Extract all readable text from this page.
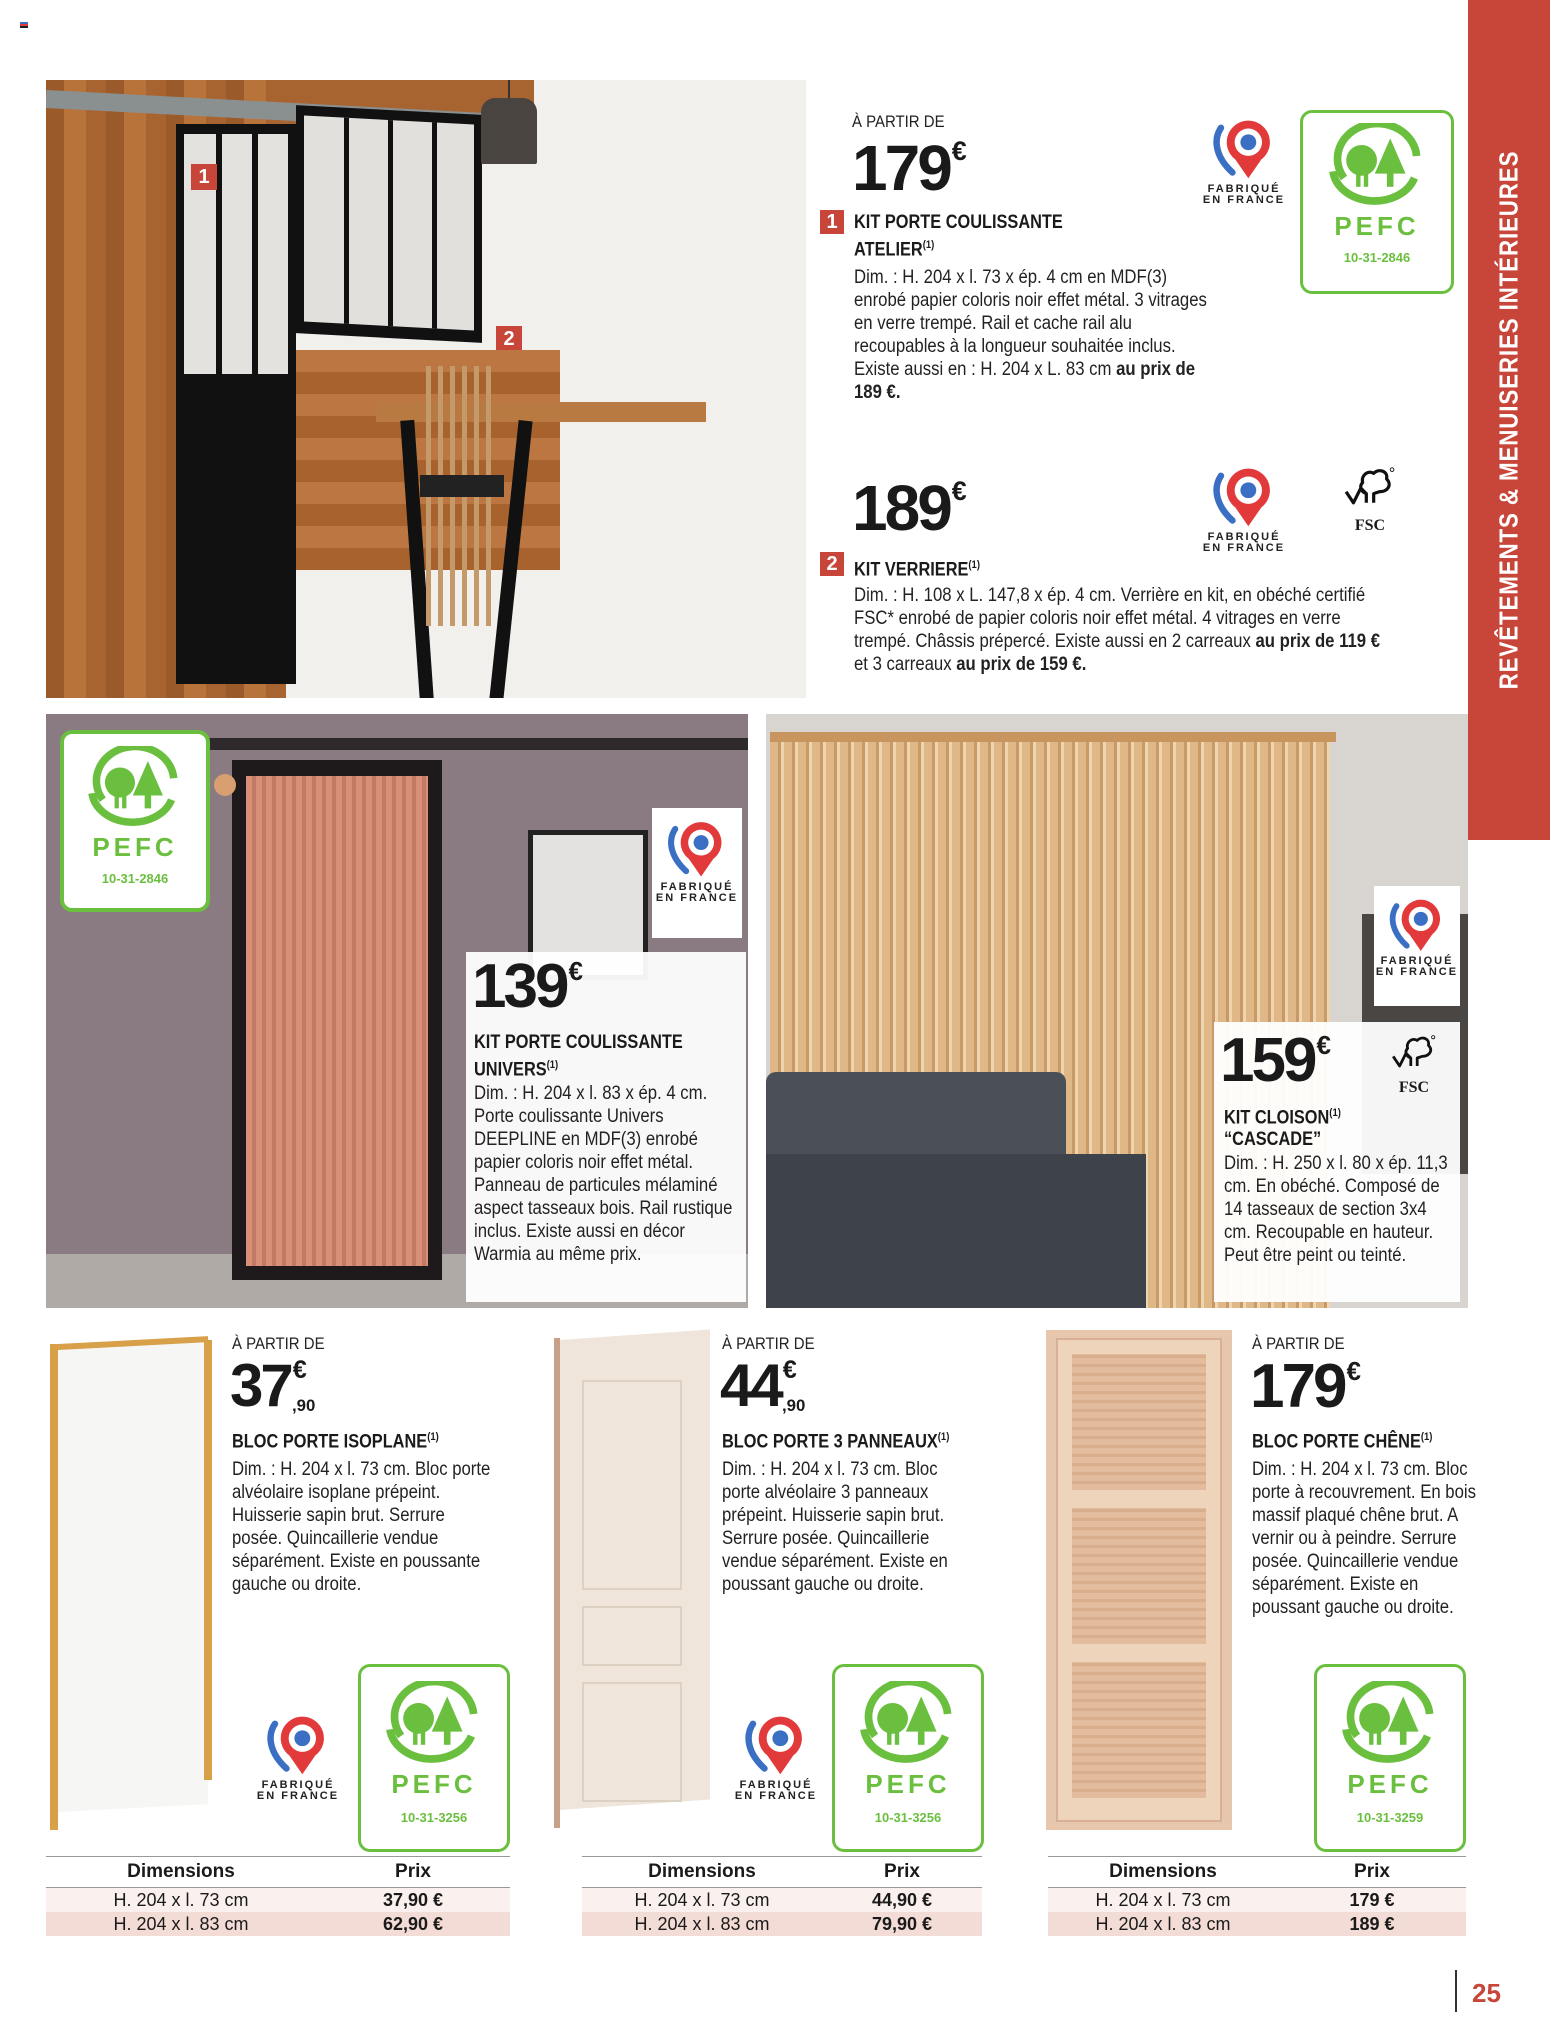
REVÊTEMENTS & MENUISERIES INTÉRIEURES
1
2
À PARTIR DE
179€
1 KIT PORTE COULISSANTE
ATELIER$^{(1)}$
Dim. : H. 204 x l. 73 x ép. 4 cm en MDF(3) enrobé papier coloris noir effet métal. 3 vitrages en verre trempé. Rail et cache rail alu recoupables à la longueur souhaitée inclus. Existe aussi en : H. 204 x L. 83 cm au prix de 189 €.
FABRIQUÉ
EN FRANCE
PEFC
10-31-2846
189€
2 KIT VERRIERE$^{(1)}$
Dim. : H. 108 x L. 147,8 x ép. 4 cm. Verrière en kit, en obéché certifié FSC* enrobé de papier coloris noir effet métal. 4 vitrages en verre trempé. Châssis prépercé. Existe aussi en 2 carreaux au prix de 119 € et 3 carreaux au prix de 159 €.
FABRIQUÉ
EN FRANCE
FSC
PEFC
10-31-2846
FABRIQUÉ
EN FRANCE
139€
KIT PORTE COULISSANTE
UNIVERS$^{(1)}$
Dim. : H. 204 x l. 83 x ép. 4 cm. Porte coulissante Univers DEEPLINE en MDF(3) enrobé papier coloris noir effet métal. Panneau de particules mélaminé aspect tasseaux bois. Rail rustique inclus. Existe aussi en décor Warmia au même prix.
FABRIQUÉ
EN FRANCE
159€
FSC
KIT CLOISON$^{(1)}$
“CASCADE”
Dim. : H. 250 x l. 80 x ép. 11,3 cm. En obéché. Composé de 14 tasseaux de section 3x4 cm. Recoupable en hauteur. Peut être peint ou teinté.
À PARTIR DE
37€
,90
BLOC PORTE ISOPLANE$^{(1)}$
Dim. : H. 204 x l. 73 cm. Bloc porte alvéolaire isoplane prépeint. Huisserie sapin brut. Serrure posée. Quincaillerie vendue séparément. Existe en poussante gauche ou droite.
FABRIQUÉ
EN FRANCE PEFC
10-31-3256
Dimensions	Prix
H. 204 x l. 73 cm	37,90 €
H. 204 x l. 83 cm	62,90 €
À PARTIR DE
44€
,90
BLOC PORTE 3 PANNEAUX$^{(1)}$
Dim. : H. 204 x l. 73 cm. Bloc porte alvéolaire 3 panneaux prépeint. Huisserie sapin brut. Serrure posée. Quincaillerie vendue séparément. Existe en poussant gauche ou droite.
FABRIQUÉ
EN FRANCE PEFC
10-31-3256
Dimensions	Prix
H. 204 x l. 73 cm	44,90 €
H. 204 x l. 83 cm	79,90 €
À PARTIR DE
179€
BLOC PORTE CHÊNE$^{(1)}$
Dim. : H. 204 x l. 73 cm. Bloc porte à recouvrement. En bois massif plaqué chêne brut. A vernir ou à peindre. Serrure posée. Quincaillerie vendue séparément. Existe en poussant gauche ou droite.
PEFC
10-31-3259
Dimensions	Prix
H. 204 x l. 73 cm	179 €
H. 204 x l. 83 cm	189 €
25
